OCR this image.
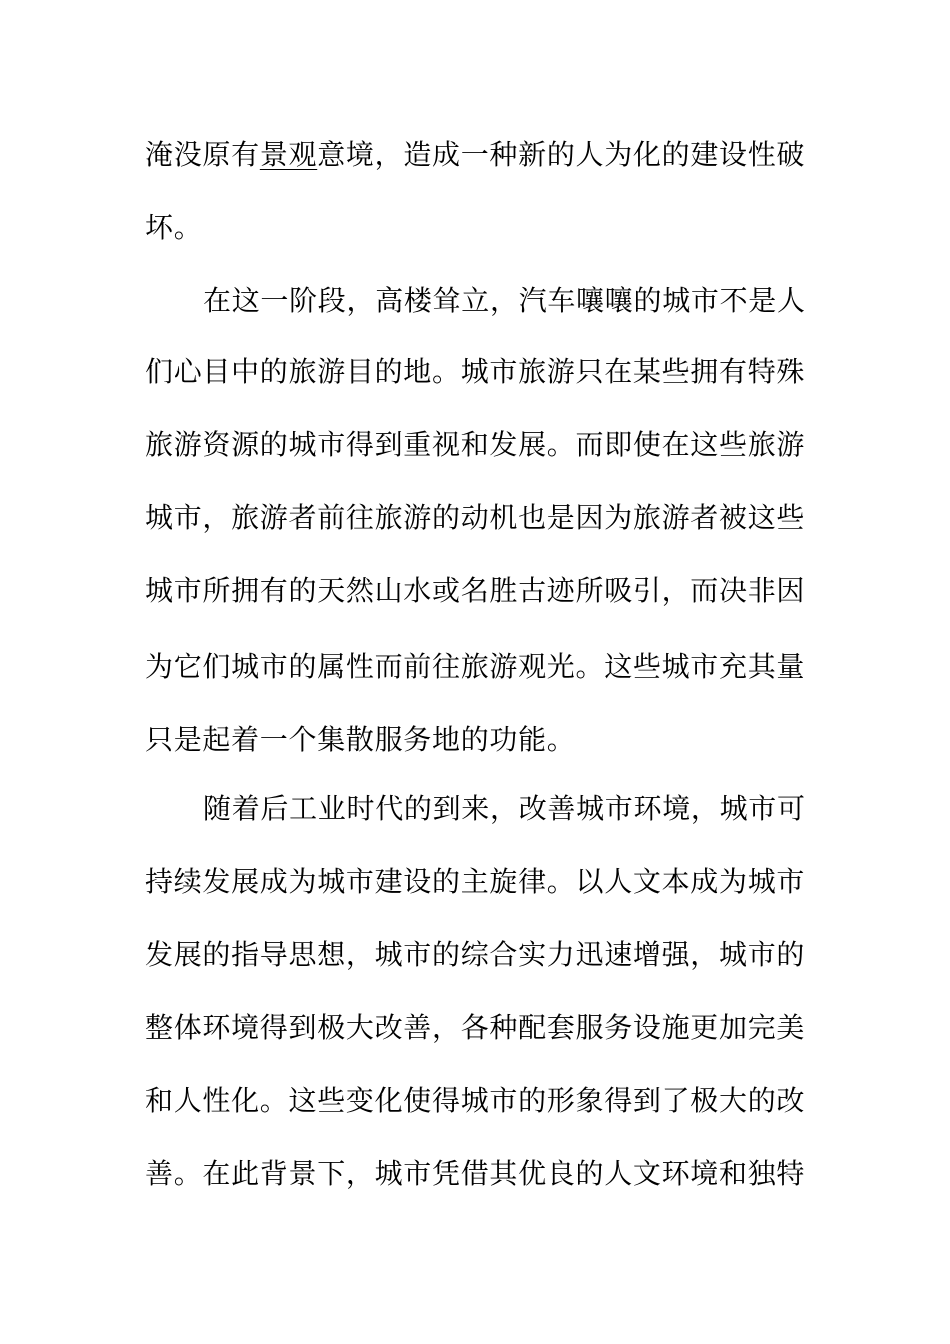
淹没原有景观意境，造成一种新的人为化的建设性破
坏。
在这一阶段，高楼耸立，汽车嚷嚷的城市不是人
们心目中的旅游目的地。城市旅游只在某些拥有特殊
旅游资源的城市得到重视和发展。而即使在这些旅游
城市，旅游者前往旅游的动机也是因为旅游者被这些
城市所拥有的天然山水或名胜古迹所吸引，而决非因
为它们城市的属性而前往旅游观光。这些城市充其量
只是起着一个集散服务地的功能。
随着后工业时代的到来，改善城市环境，城市可
持续发展成为城市建设的主旋律。以人文本成为城市
发展的指导思想，城市的综合实力迅速增强，城市的
整体环境得到极大改善，各种配套服务设施更加完美
和人性化。这些变化使得城市的形象得到了极大的改
善。在此背景下，城市凭借其优良的人文环境和独特
